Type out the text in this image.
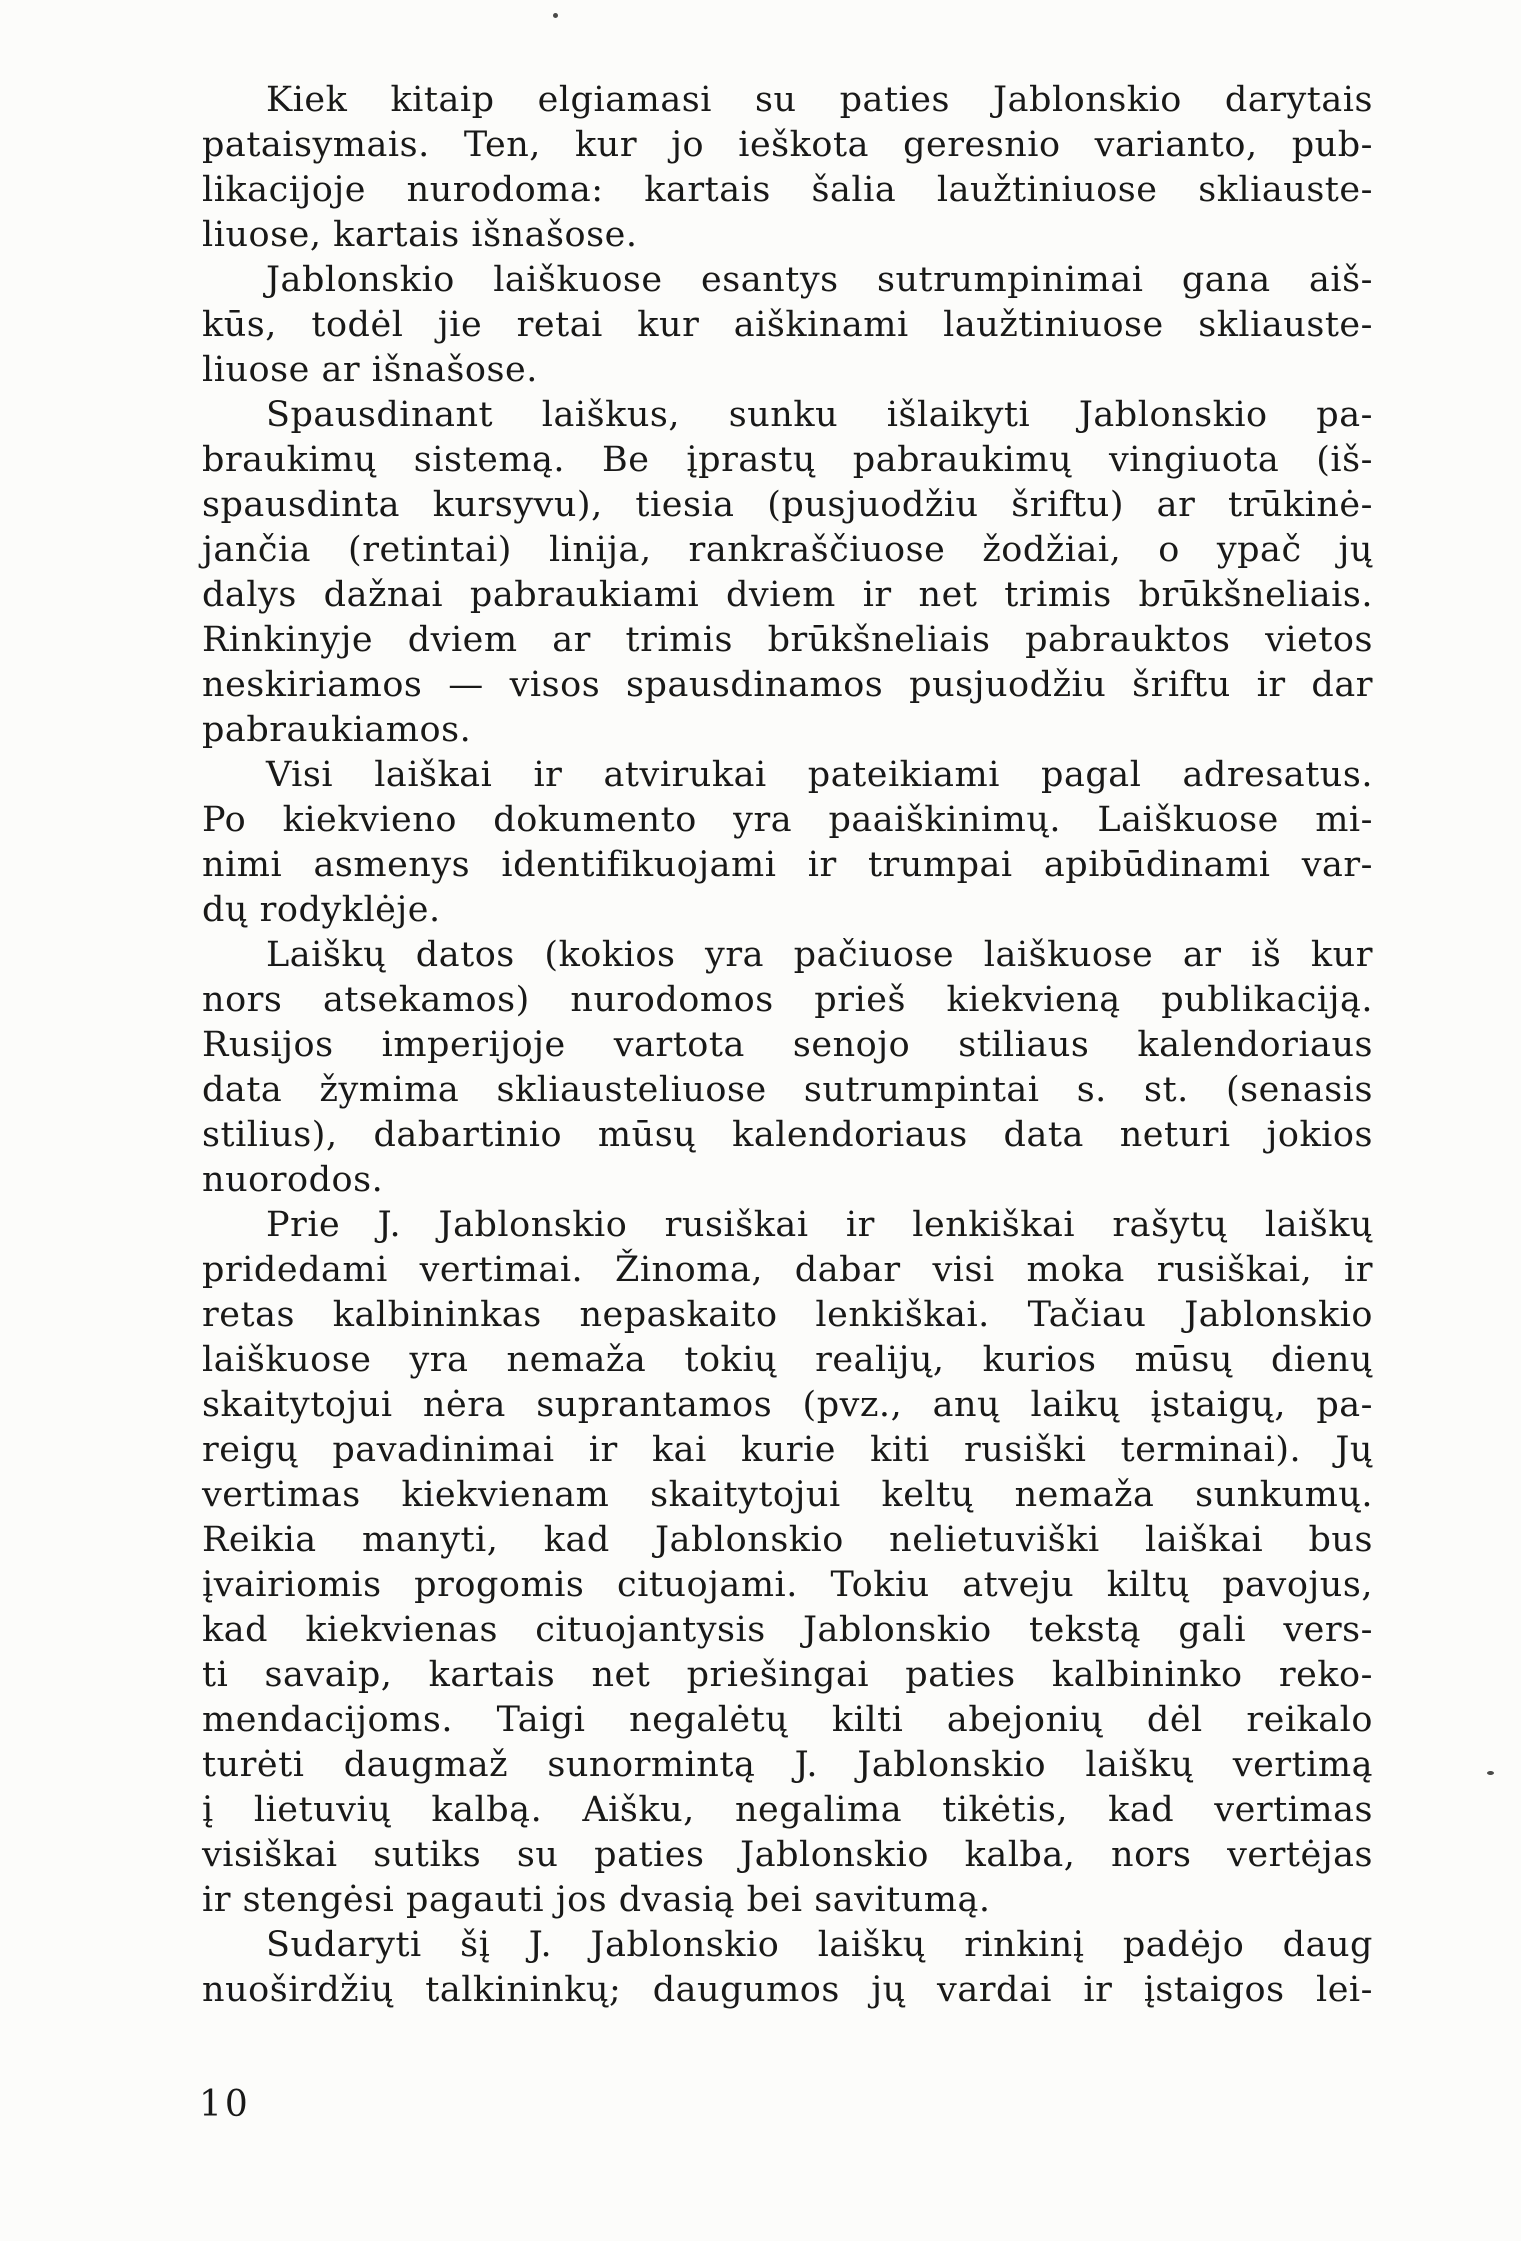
Kiek kitaip elgiamasi su paties Jablonskio darytais
pataisymais. Ten, kur jo ieškota geresnio varianto, pub-
likacijoje nurodoma: kartais šalia laužtiniuose skliauste-
liuose, kartais išnašose.
Jablonskio laiškuose esantys sutrumpinimai gana aiš-
kūs, todėl jie retai kur aiškinami laužtiniuose skliauste-
liuose ar išnašose.
Spausdinant laiškus, sunku išlaikyti Jablonskio pa-
braukimų sistemą. Be įprastų pabraukimų vingiuota (iš-
spausdinta kursyvu), tiesia (pusjuodžiu šriftu) ar trūkinė-
jančia (retintai) linija, rankraščiuose žodžiai, o ypač jų
dalys dažnai pabraukiami dviem ir net trimis brūkšneliais.
Rinkinyje dviem ar trimis brūkšneliais pabrauktos vietos
neskiriamos — visos spausdinamos pusjuodžiu šriftu ir dar
pabraukiamos.
Visi laiškai ir atvirukai pateikiami pagal adresatus.
Po kiekvieno dokumento yra paaiškinimų. Laiškuose mi-
nimi asmenys identifikuojami ir trumpai apibūdinami var-
dų rodyklėje.
Laiškų datos (kokios yra pačiuose laiškuose ar iš kur
nors atsekamos) nurodomos prieš kiekvieną publikaciją.
Rusijos imperijoje vartota senojo stiliaus kalendoriaus
data žymima skliausteliuose sutrumpintai s. st. (senasis
stilius), dabartinio mūsų kalendoriaus data neturi jokios
nuorodos.
Prie J. Jablonskio rusiškai ir lenkiškai rašytų laiškų
pridedami vertimai. Žinoma, dabar visi moka rusiškai, ir
retas kalbininkas nepaskaito lenkiškai. Tačiau Jablonskio
laiškuose yra nemaža tokių realijų, kurios mūsų dienų
skaitytojui nėra suprantamos (pvz., anų laikų įstaigų, pa-
reigų pavadinimai ir kai kurie kiti rusiški terminai). Jų
vertimas kiekvienam skaitytojui keltų nemaža sunkumų.
Reikia manyti, kad Jablonskio nelietuviški laiškai bus
įvairiomis progomis cituojami. Tokiu atveju kiltų pavojus,
kad kiekvienas cituojantysis Jablonskio tekstą gali vers-
ti savaip, kartais net priešingai paties kalbininko reko-
mendacijoms. Taigi negalėtų kilti abejonių dėl reikalo
turėti daugmaž sunormintą J. Jablonskio laiškų vertimą
į lietuvių kalbą. Aišku, negalima tikėtis, kad vertimas
visiškai sutiks su paties Jablonskio kalba, nors vertėjas
ir stengėsi pagauti jos dvasią bei savitumą.
Sudaryti šį J. Jablonskio laiškų rinkinį padėjo daug
nuoširdžių talkininkų; daugumos jų vardai ir įstaigos lei-
10
